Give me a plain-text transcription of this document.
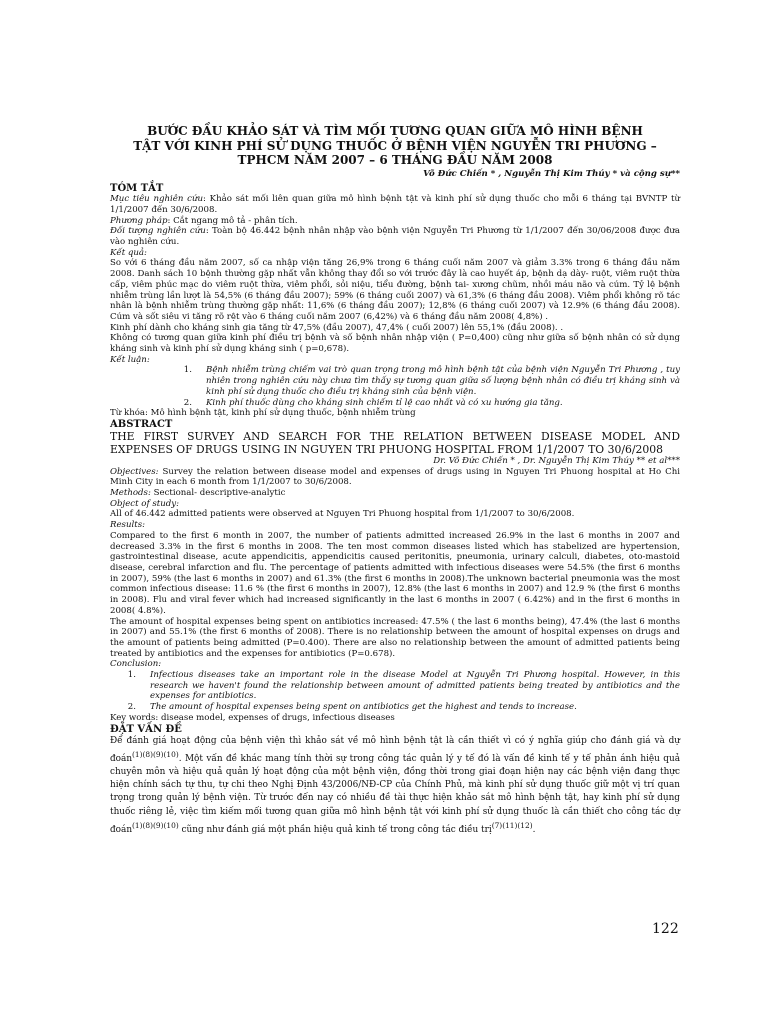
BƯỚC ĐẦU KHẢO SÁT VÀ TÌM MỐI TƯƠNG QUAN GIỮA MÔ HÌNH BỆNH TẬT VỚI KINH PHÍ SỬ DỤNG THUỐC Ở BỆNH VIỆN NGUYỄN TRI PHƯƠNG – TPHCM NĂM 2007 – 6 THÁNG ĐẦU NĂM 2008
Võ Đức Chiến * , Nguyễn Thị Kim Thúy * và cộng sự**
TÓM TẮT

Mục tiêu nghiên cứu: Khảo sát mối liên quan giữa mô hình bệnh tật và kinh phí sử dụng thuốc cho mỗi 6 tháng tại BVNTP từ 1/1/2007 đến 30/6/2008.

Phương pháp: Cắt ngang mô tả - phân tích.

Đối tượng nghiên cứu: Toàn bộ 46.442 bệnh nhân nhập vào bệnh viện Nguyễn Tri Phương từ 1/1/2007 đến 30/06/2008 được đưa vào nghiên cứu.

Kết quả:

So với 6 tháng đầu năm 2007, số ca nhập viện tăng 26,9% trong 6 tháng cuối năm 2007 và giảm 3.3% trong 6 tháng đầu năm 2008. Danh sách 10 bệnh thường gặp nhất vẫn không thay đổi so với trước đây là cao huyết áp, bệnh dạ dày- ruột, viêm ruột thừa cấp, viêm phúc mạc do viêm ruột thừa, viêm phổi, sỏi niệu, tiểu đường, bệnh tai- xương chũm, nhồi máu não và cúm. Tỷ lệ bệnh nhiễm trùng lần lượt là 54,5% (6 tháng đầu 2007); 59% (6 tháng cuối 2007) và 61,3% (6 tháng đầu 2008). Viêm phổi không rõ tác nhân là bệnh nhiễm trùng thường gặp nhất: 11,6% (6 tháng đầu 2007); 12,8% (6 tháng cuối 2007) và 12.9% (6 tháng đầu 2008). Cúm và sốt siêu vi tăng rõ rệt vào 6 tháng cuối năm 2007 (6,42%) và 6 tháng đầu năm 2008( 4,8%) .

Kinh phí dành cho kháng sinh gia tăng từ 47,5% (đầu 2007), 47,4% ( cuối 2007) lên 55,1% (đầu 2008). .

Không có tương quan giữa kinh phí điều trị bệnh và số bệnh nhân nhập viện ( P=0,400) cũng như giữa số bệnh nhân có sử dụng kháng sinh và kinh phí sử dụng kháng sinh ( p=0,678).

Kết luận:

1.	Bệnh nhiễm trùng chiếm vai trò quan trọng trong mô hình bệnh tật của bệnh viện Nguyễn Tri Phương , tuy nhiên trong nghiên cứu này chưa tìm thấy sự tương quan giữa số lượng bệnh nhân có điều trị kháng sinh và kinh phí sử dụng thuốc cho điều trị kháng sinh của bệnh viện.
2.	Kinh phí thuốc dùng cho kháng sinh chiếm tỉ lệ cao nhất và có xu hướng gia tăng.

Từ khóa: Mô hình bệnh tật, kinh phí sử dụng thuốc, bệnh nhiễm trùng

ABSTRACT

THE FIRST SURVEY AND SEARCH FOR THE RELATION BETWEEN DISEASE MODEL AND EXPENSES OF DRUGS USING IN NGUYEN TRI PHUONG HOSPITAL FROM 1/1/2007 TO 30/6/2008

Dr. Võ Đức Chiến * , Dr. Nguyễn Thị Kim Thúy ** et al***

Objectives: Survey the relation between disease model and expenses of drugs using in Nguyen Tri Phuong hospital at Ho Chi Minh City in each 6 month from 1/1/2007 to 30/6/2008.

Methods: Sectional- descriptive-analytic

Object of study:

All of 46.442 admitted patients were observed at Nguyen Tri Phuong hospital from 1/1/2007 to 30/6/2008.

Results:

Compared to the first 6 month in 2007, the number of patients admitted increased 26.9% in the last 6 months in 2007 and decreased 3.3% in the first 6 months in 2008. The ten most common diseases listed which has stabelized are hypertension, gastrointestinal disease, acute appendicitis, appendicitis caused peritonitis, pneumonia, urinary calculi, diabetes, oto-mastoid disease, cerebral infarction and flu. The percentage of patients admitted with infectious diseases were 54.5% (the first 6 months in 2007), 59% (the last 6 months in 2007) and 61.3% (the first 6 months in 2008).The unknown bacterial pneumonia was the most common infectious disease: 11.6 % (the first 6 months in 2007), 12.8% (the last 6 months in 2007) and 12.9 % (the first 6 months in 2008). Flu and viral fever which had increased significantly in the last 6 months in 2007 ( 6.42%) and in the first 6 months in 2008( 4.8%).

The amount of hospital expenses being spent on antibiotics increased: 47.5% ( the last 6 months being), 47.4% (the last 6 months in 2007) and 55.1% (the first 6 months of 2008). There is no relationship between the amount of hospital expenses on drugs and the amount of patients being admitted (P=0.400). There are also no relationship between the amount of admitted patients being treated by antibiotics and the expenses for antibiotics (P=0.678).

Conclusion:

1.	Infectious diseases take an important role in the disease Model at Nguyễn Tri Phương hospital. However, in this research we haven't found the relationship between amount of admitted patients being treated by antibiotics and the expenses for antibiotics.
2.	The amount of hospital expenses being spent on antibiotics get the highest and tends to increase.

Key words: disease model, expenses of drugs, infectious diseases

ĐẶT VẤN ĐỀ

Để đánh giá hoạt động của bệnh viện thì khảo sát về mô hình bệnh tật là cần thiết vì có ý nghĩa giúp cho đánh giá và dự đoán$^{(1)(8)(9)(10)}$. Một vấn đề khác mang tính thời sự trong công tác quản lý y tế đó là vấn đề kinh tế y tế phản ánh hiệu quả chuyên môn và hiệu quả quản lý hoạt động của một bệnh viện, đồng thời trong giai đoạn hiện nay các bệnh viện đang thực hiện chính sách tự thu, tự chi theo Nghị Định 43/2006/NĐ-CP của Chính Phủ, mà kinh phí sử dụng thuốc giữ một vị trí quan trọng trong quản lý bệnh viện. Từ trước đến nay có nhiều đề tài thực hiện khảo sát mô hình bệnh tật, hay kinh phí sử dụng thuốc riêng lẻ, việc tìm kiếm mối tương quan giữa mô hình bệnh tật với kinh phí sử dụng thuốc là cần thiết cho công tác dự đoán$^{(1)(8)(9)(10)}$ cũng như đánh giá một phần hiệu quả kinh tế trong công tác điều trị$^{(7)(11)(12)}$.

122
